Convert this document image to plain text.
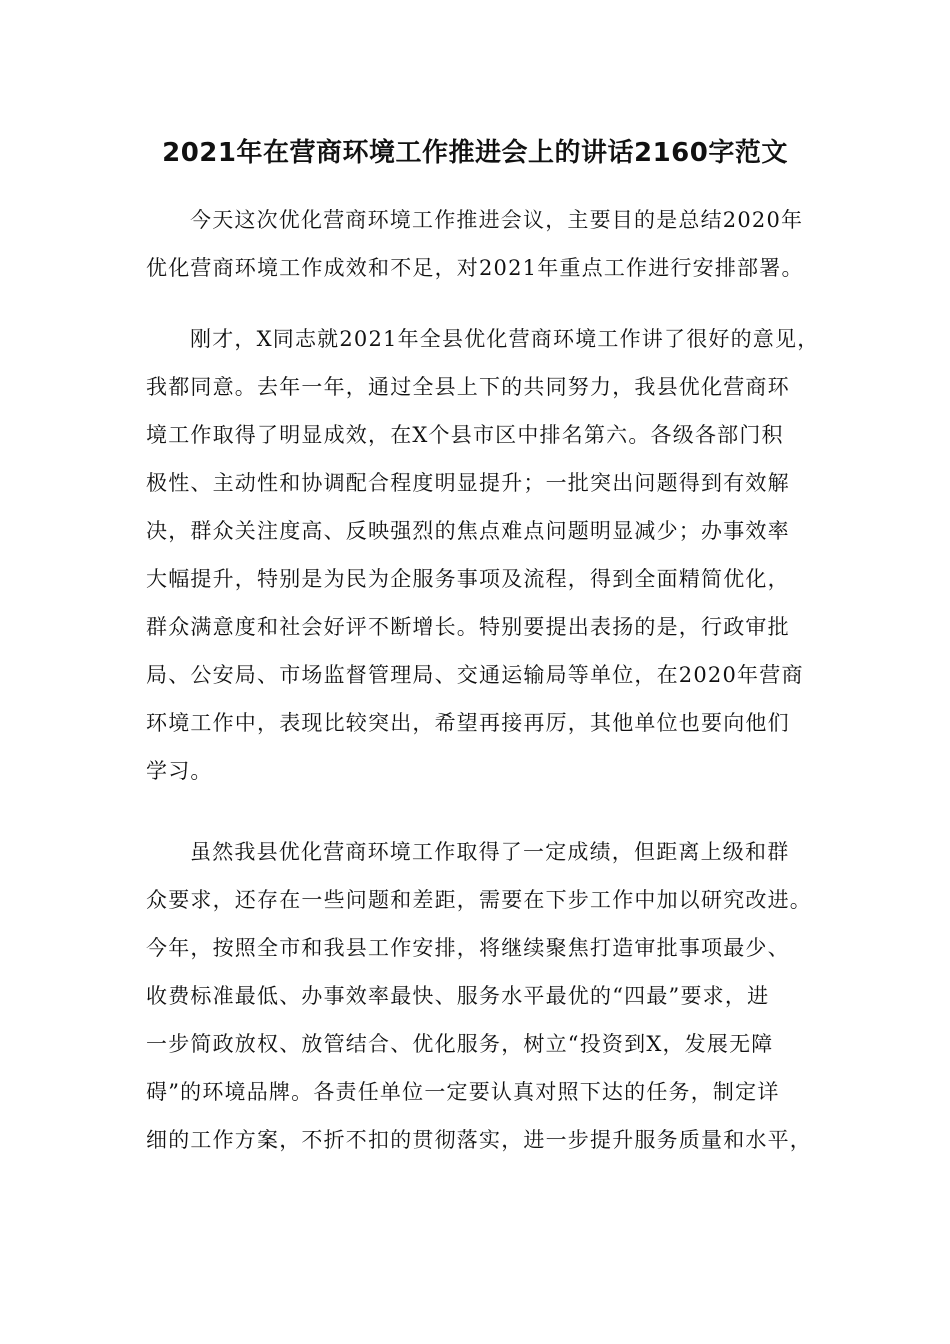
2021年在营商环境工作推进会上的讲话2160字范文
今天这次优化营商环境工作推进会议，主要目的是总结2020年
优化营商环境工作成效和不足，对2021年重点工作进行安排部署。
刚才，X同志就2021年全县优化营商环境工作讲了很好的意见，
我都同意。去年一年，通过全县上下的共同努力，我县优化营商环
境工作取得了明显成效，在X个县市区中排名第六。各级各部门积
极性、主动性和协调配合程度明显提升；一批突出问题得到有效解
决，群众关注度高、反映强烈的焦点难点问题明显减少；办事效率
大幅提升，特别是为民为企服务事项及流程，得到全面精简优化，
群众满意度和社会好评不断增长。特别要提出表扬的是，行政审批
局、公安局、市场监督管理局、交通运输局等单位，在2020年营商
环境工作中，表现比较突出，希望再接再厉，其他单位也要向他们
学习。
虽然我县优化营商环境工作取得了一定成绩，但距离上级和群
众要求，还存在一些问题和差距，需要在下步工作中加以研究改进。
今年，按照全市和我县工作安排，将继续聚焦打造审批事项最少、
收费标准最低、办事效率最快、服务水平最优的“四最”要求，进
一步简政放权、放管结合、优化服务，树立“投资到X，发展无障
碍”的环境品牌。各责任单位一定要认真对照下达的任务，制定详
细的工作方案，不折不扣的贯彻落实，进一步提升服务质量和水平，
